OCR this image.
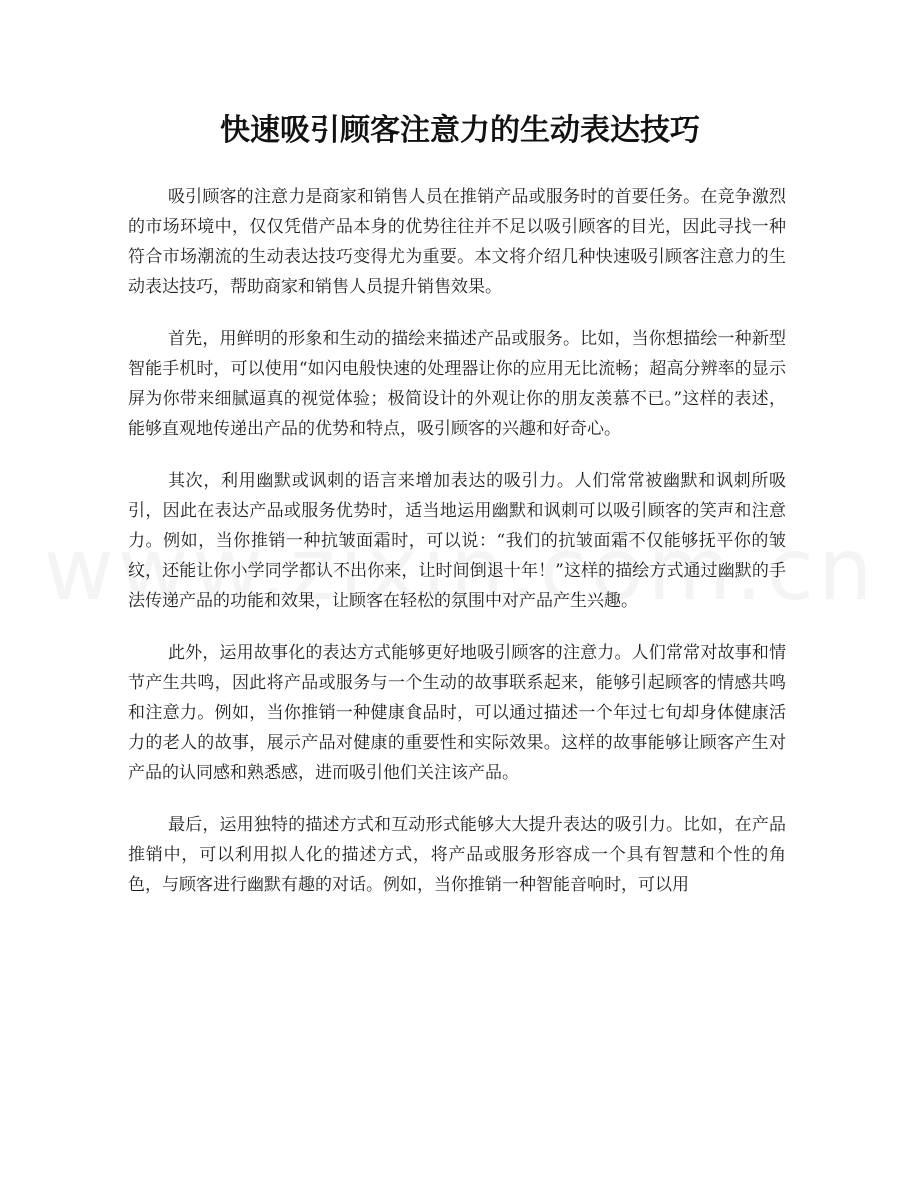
快速吸引顾客注意力的生动表达技巧

吸引顾客的注意力是商家和销售人员在推销产品或服务时的首要任务。在竞争激烈的市场环境中，仅仅凭借产品本身的优势往往并不足以吸引顾客的目光，因此寻找一种符合市场潮流的生动表达技巧变得尤为重要。本文将介绍几种快速吸引顾客注意力的生动表达技巧，帮助商家和销售人员提升销售效果。

首先，用鲜明的形象和生动的描绘来描述产品或服务。比如，当你想描绘一种新型智能手机时，可以使用“如闪电般快速的处理器让你的应用无比流畅；超高分辨率的显示屏为你带来细腻逼真的视觉体验；极简设计的外观让你的朋友羡慕不已。”这样的表述，能够直观地传递出产品的优势和特点，吸引顾客的兴趣和好奇心。

其次，利用幽默或讽刺的语言来增加表达的吸引力。人们常常被幽默和讽刺所吸引，因此在表达产品或服务优势时，适当地运用幽默和讽刺可以吸引顾客的笑声和注意力。例如，当你推销一种抗皱面霜时，可以说：“我们的抗皱面霜不仅能够抚平你的皱纹，还能让你小学同学都认不出你来，让时间倒退十年！”这样的描绘方式通过幽默的手法传递产品的功能和效果，让顾客在轻松的氛围中对产品产生兴趣。

此外，运用故事化的表达方式能够更好地吸引顾客的注意力。人们常常对故事和情节产生共鸣，因此将产品或服务与一个生动的故事联系起来，能够引起顾客的情感共鸣和注意力。例如，当你推销一种健康食品时，可以通过描述一个年过七旬却身体健康活力的老人的故事，展示产品对健康的重要性和实际效果。这样的故事能够让顾客产生对产品的认同感和熟悉感，进而吸引他们关注该产品。

最后，运用独特的描述方式和互动形式能够大大提升表达的吸引力。比如，在产品推销中，可以利用拟人化的描述方式，将产品或服务形容成一个具有智慧和个性的角色，与顾客进行幽默有趣的对话。例如，当你推销一种智能音响时，可以用
